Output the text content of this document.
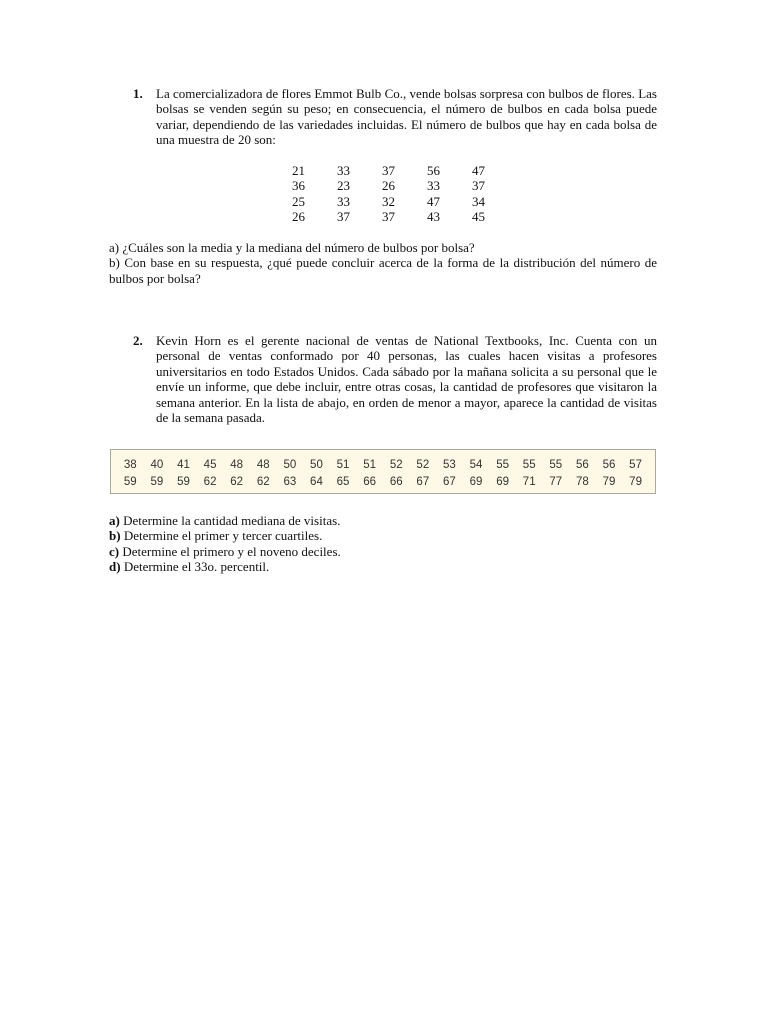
1. La comercializadora de flores Emmot Bulb Co., vende bolsas sorpresa con bulbos de flores. Las bolsas se venden según su peso; en consecuencia, el número de bulbos en cada bolsa puede variar, dependiendo de las variedades incluidas. El número de bulbos que hay en cada bolsa de una muestra de 20 son:
21	33	37	56	47
36	23	26	33	37
25	33	32	47	34
26	37	37	43	45
a) ¿Cuáles son la media y la mediana del número de bulbos por bolsa?
b) Con base en su respuesta, ¿qué puede concluir acerca de la forma de la distribución del número de bulbos por bolsa?
2. Kevin Horn es el gerente nacional de ventas de National Textbooks, Inc. Cuenta con un personal de ventas conformado por 40 personas, las cuales hacen visitas a profesores universitarios en todo Estados Unidos. Cada sábado por la mañana solicita a su personal que le envíe un informe, que debe incluir, entre otras cosas, la cantidad de profesores que visitaron la semana anterior. En la lista de abajo, en orden de menor a mayor, aparece la cantidad de visitas de la semana pasada.
38	40	41	45	48	48	50	50	51	51	52	52	53	54	55	55	55	56	56	57
59	59	59	62	62	62	63	64	65	66	66	67	67	69	69	71	77	78	79	79
a) Determine la cantidad mediana de visitas.
b) Determine el primer y tercer cuartiles.
c) Determine el primero y el noveno deciles.
d) Determine el 33o. percentil.
